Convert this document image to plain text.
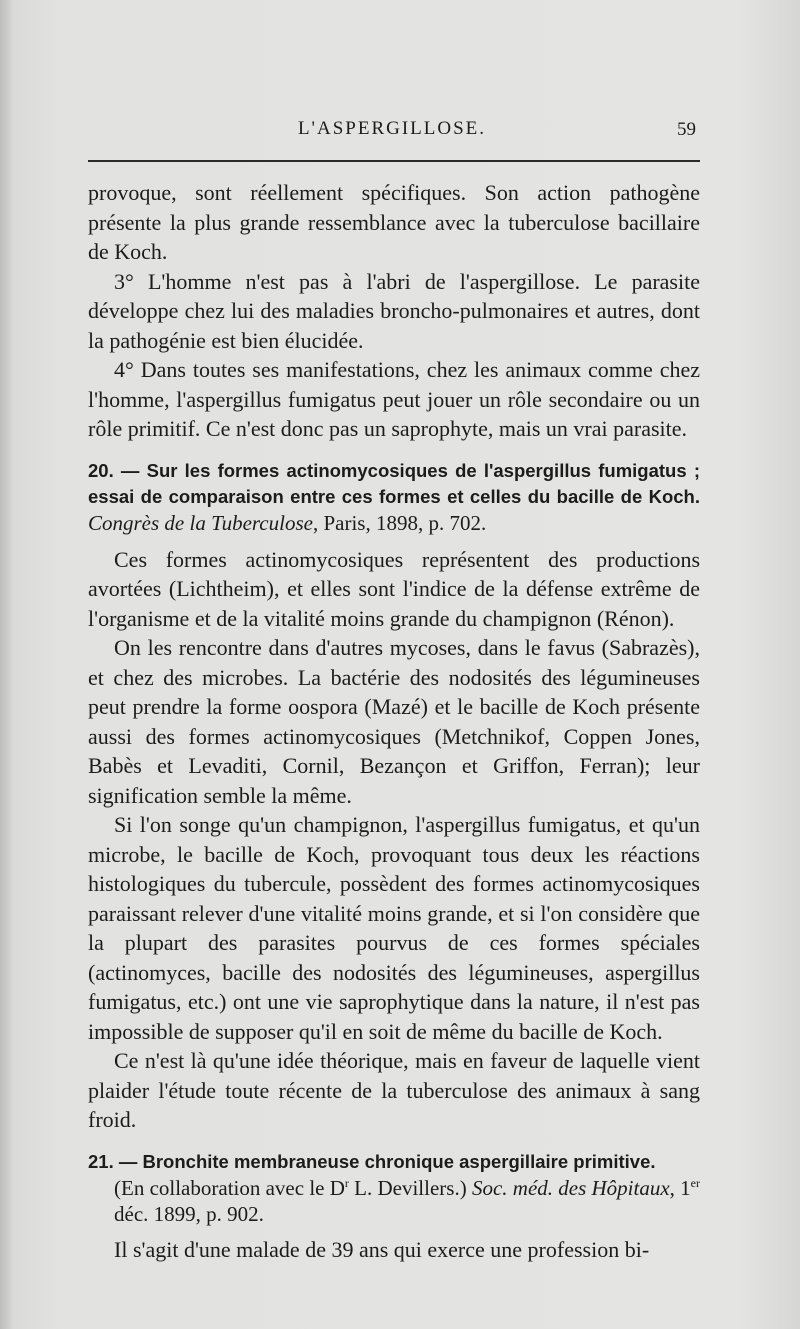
L'ASPERGILLOSE.	59

provoque, sont réellement spécifiques. Son action pathogène présente la plus grande ressemblance avec la tuberculose bacillaire de Koch.

3° L'homme n'est pas à l'abri de l'aspergillose. Le parasite développe chez lui des maladies broncho-pulmonaires et autres, dont la pathogénie est bien élucidée.

4° Dans toutes ses manifestations, chez les animaux comme chez l'homme, l'aspergillus fumigatus peut jouer un rôle secondaire ou un rôle primitif. Ce n'est donc pas un saprophyte, mais un vrai parasite.

20. — Sur les formes actinomycosiques de l'aspergillus fumigatus ; essai de comparaison entre ces formes et celles du bacille de Koch. Congrès de la Tuberculose, Paris, 1898, p. 702.

Ces formes actinomycosiques représentent des productions avortées (Lichtheim), et elles sont l'indice de la défense extrême de l'organisme et de la vitalité moins grande du champignon (Rénon).

On les rencontre dans d'autres mycoses, dans le favus (Sabrazès), et chez des microbes. La bactérie des nodosités des légumineuses peut prendre la forme oospora (Mazé) et le bacille de Koch présente aussi des formes actinomycosiques (Metchnikof, Coppen Jones, Babès et Levaditi, Cornil, Bezançon et Griffon, Ferran); leur signification semble la même.

Si l'on songe qu'un champignon, l'aspergillus fumigatus, et qu'un microbe, le bacille de Koch, provoquant tous deux les réactions histologiques du tubercule, possèdent des formes actinomycosiques paraissant relever d'une vitalité moins grande, et si l'on considère que la plupart des parasites pourvus de ces formes spéciales (actinomyces, bacille des nodosités des légumineuses, aspergillus fumigatus, etc.) ont une vie saprophytique dans la nature, il n'est pas impossible de supposer qu'il en soit de même du bacille de Koch.

Ce n'est là qu'une idée théorique, mais en faveur de laquelle vient plaider l'étude toute récente de la tuberculose des animaux à sang froid.

21. — Bronchite membraneuse chronique aspergillaire primitive.
(En collaboration avec le $D^r$ L. Devillers.) Soc. méd. des Hôpitaux, 1er déc. 1899, p. 902.

Il s'agit d'une malade de 39 ans qui exerce une profession bi-
